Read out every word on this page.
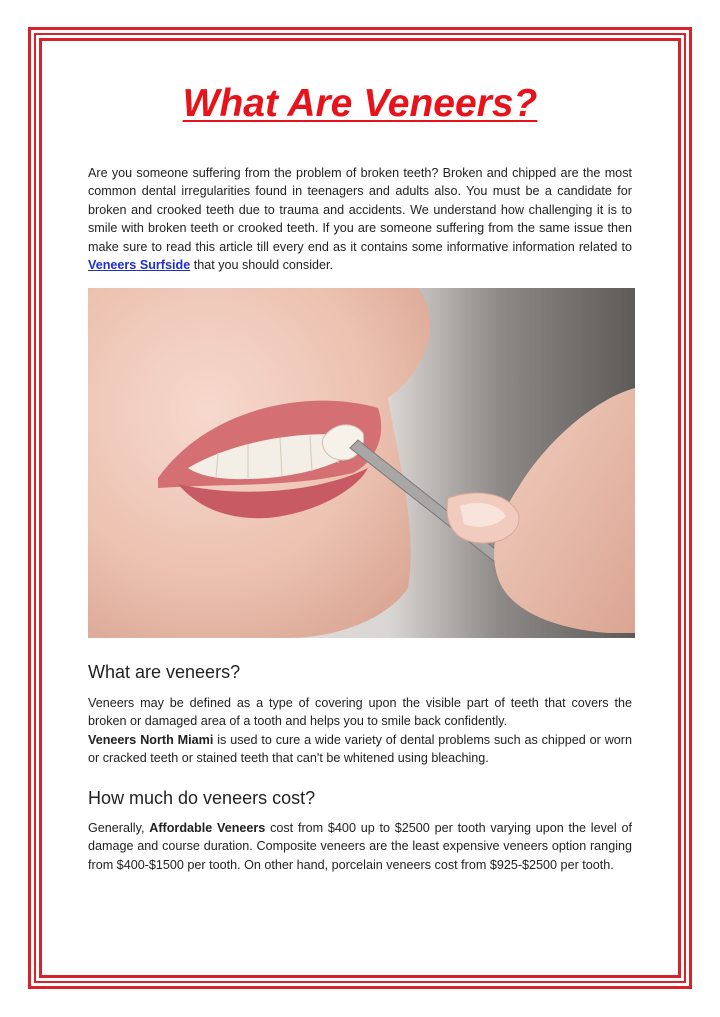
What Are Veneers?

Are you someone suffering from the problem of broken teeth? Broken and chipped are the most common dental irregularities found in teenagers and adults also. You must be a candidate for broken and crooked teeth due to trauma and accidents. We understand how challenging it is to smile with broken teeth or crooked teeth. If you are someone suffering from the same issue then make sure to read this article till every end as it contains some informative information related to Veneers Surfside that you should consider.

What are veneers?

Veneers may be defined as a type of covering upon the visible part of teeth that covers the broken or damaged area of a tooth and helps you to smile back confidently.
Veneers North Miami is used to cure a wide variety of dental problems such as chipped or worn or cracked teeth or stained teeth that can't be whitened using bleaching.

How much do veneers cost?

Generally, Affordable Veneers cost from $400 up to $2500 per tooth varying upon the level of damage and course duration. Composite veneers are the least expensive veneers option ranging from $400-$1500 per tooth. On other hand, porcelain veneers cost from $925-$2500 per tooth.
